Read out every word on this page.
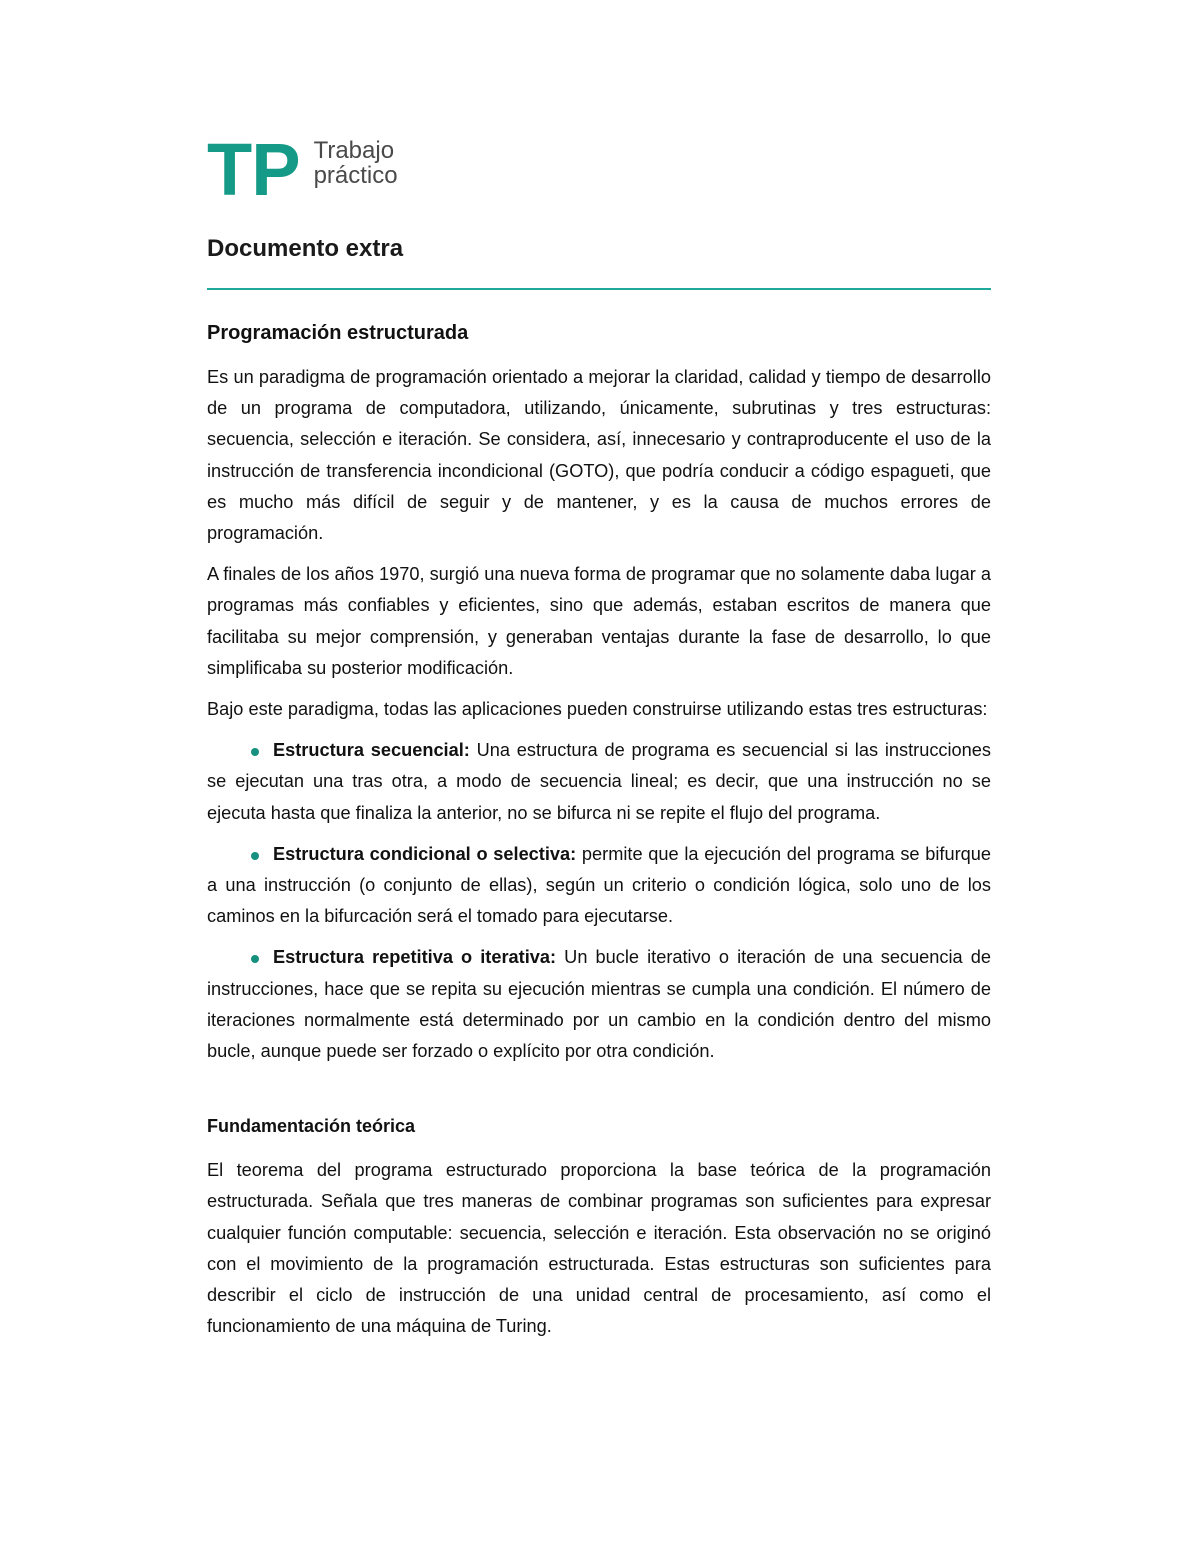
TP Trabajo
práctico
Documento extra
Programación estructurada

Es un paradigma de programación orientado a mejorar la claridad, calidad y tiempo de desarrollo de un programa de computadora, utilizando, únicamente, subrutinas y tres estructuras: secuencia, selección e iteración. Se considera, así, innecesario y contraproducente el uso de la instrucción de transferencia incondicional (GOTO), que podría conducir a código espagueti, que es mucho más difícil de seguir y de mantener, y es la causa de muchos errores de programación.

A finales de los años 1970, surgió una nueva forma de programar que no solamente daba lugar a programas más confiables y eficientes, sino que además, estaban escritos de manera que facilitaba su mejor comprensión, y generaban ventajas durante la fase de desarrollo, lo que simplificaba su posterior modificación.

Bajo este paradigma, todas las aplicaciones pueden construirse utilizando estas tres estructuras:

Estructura secuencial: Una estructura de programa es secuencial si las instrucciones se ejecutan una tras otra, a modo de secuencia lineal; es decir, que una instrucción no se ejecuta hasta que finaliza la anterior, no se bifurca ni se repite el flujo del programa.
Estructura condicional o selectiva: permite que la ejecución del programa se bifurque a una instrucción (o conjunto de ellas), según un criterio o condición lógica, solo uno de los caminos en la bifurcación será el tomado para ejecutarse.
Estructura repetitiva o iterativa: Un bucle iterativo o iteración de una secuencia de instrucciones, hace que se repita su ejecución mientras se cumpla una condición. El número de iteraciones normalmente está determinado por un cambio en la condición dentro del mismo bucle, aunque puede ser forzado o explícito por otra condición.
Fundamentación teórica

El teorema del programa estructurado proporciona la base teórica de la programación estructurada. Señala que tres maneras de combinar programas son suficientes para expresar cualquier función computable: secuencia, selección e iteración. Esta observación no se originó con el movimiento de la programación estructurada. Estas estructuras son suficientes para describir el ciclo de instrucción de una unidad central de procesamiento, así como el funcionamiento de una máquina de Turing.
